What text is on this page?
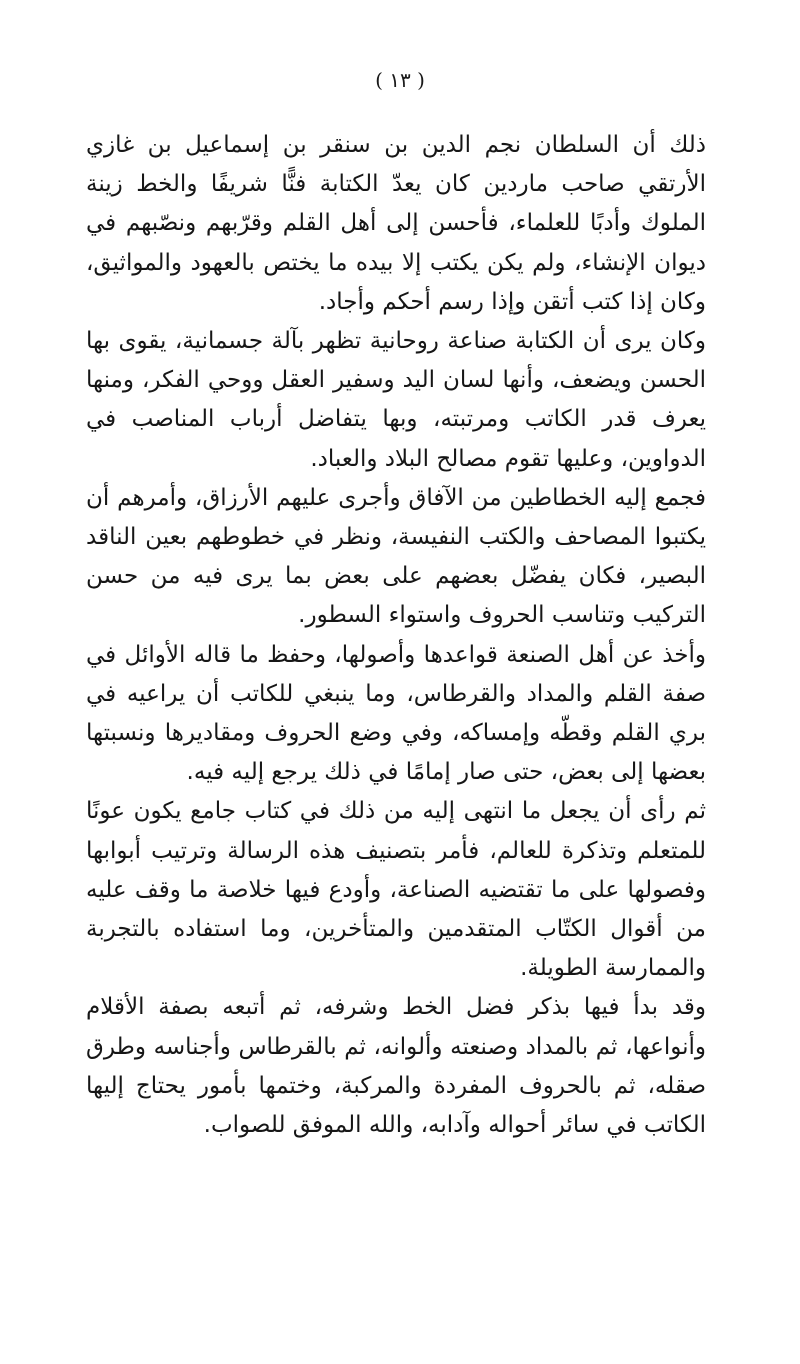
( ١٣ )

ذلك أن السلطان نجم الدين بن سنقر بن إسماعيل بن غازي الأرتقي صاحب ماردين كان يعدّ الكتابة فنًّا شريفًا والخط زينة الملوك وأدبًا للعلماء، فأحسن إلى أهل القلم وقرّبهم ونصّبهم في ديوان الإنشاء، ولم يكن يكتب إلا بيده ما يختص بالعهود والمواثيق، وكان إذا كتب أتقن وإذا رسم أحكم وأجاد.

وكان يرى أن الكتابة صناعة روحانية تظهر بآلة جسمانية، يقوى بها الحسن ويضعف، وأنها لسان اليد وسفير العقل ووحي الفكر، ومنها يعرف قدر الكاتب ومرتبته، وبها يتفاضل أرباب المناصب في الدواوين، وعليها تقوم مصالح البلاد والعباد.

فجمع إليه الخطاطين من الآفاق وأجرى عليهم الأرزاق، وأمرهم أن يكتبوا المصاحف والكتب النفيسة، ونظر في خطوطهم بعين الناقد البصير، فكان يفضّل بعضهم على بعض بما يرى فيه من حسن التركيب وتناسب الحروف واستواء السطور.

وأخذ عن أهل الصنعة قواعدها وأصولها، وحفظ ما قاله الأوائل في صفة القلم والمداد والقرطاس، وما ينبغي للكاتب أن يراعيه في بري القلم وقطّه وإمساكه، وفي وضع الحروف ومقاديرها ونسبتها بعضها إلى بعض، حتى صار إمامًا في ذلك يرجع إليه فيه.

ثم رأى أن يجعل ما انتهى إليه من ذلك في كتاب جامع يكون عونًا للمتعلم وتذكرة للعالم، فأمر بتصنيف هذه الرسالة وترتيب أبوابها وفصولها على ما تقتضيه الصناعة، وأودع فيها خلاصة ما وقف عليه من أقوال الكتّاب المتقدمين والمتأخرين، وما استفاده بالتجربة والممارسة الطويلة.

وقد بدأ فيها بذكر فضل الخط وشرفه، ثم أتبعه بصفة الأقلام وأنواعها، ثم بالمداد وصنعته وألوانه، ثم بالقرطاس وأجناسه وطرق صقله، ثم بالحروف المفردة والمركبة، وختمها بأمور يحتاج إليها الكاتب في سائر أحواله وآدابه، والله الموفق للصواب.
